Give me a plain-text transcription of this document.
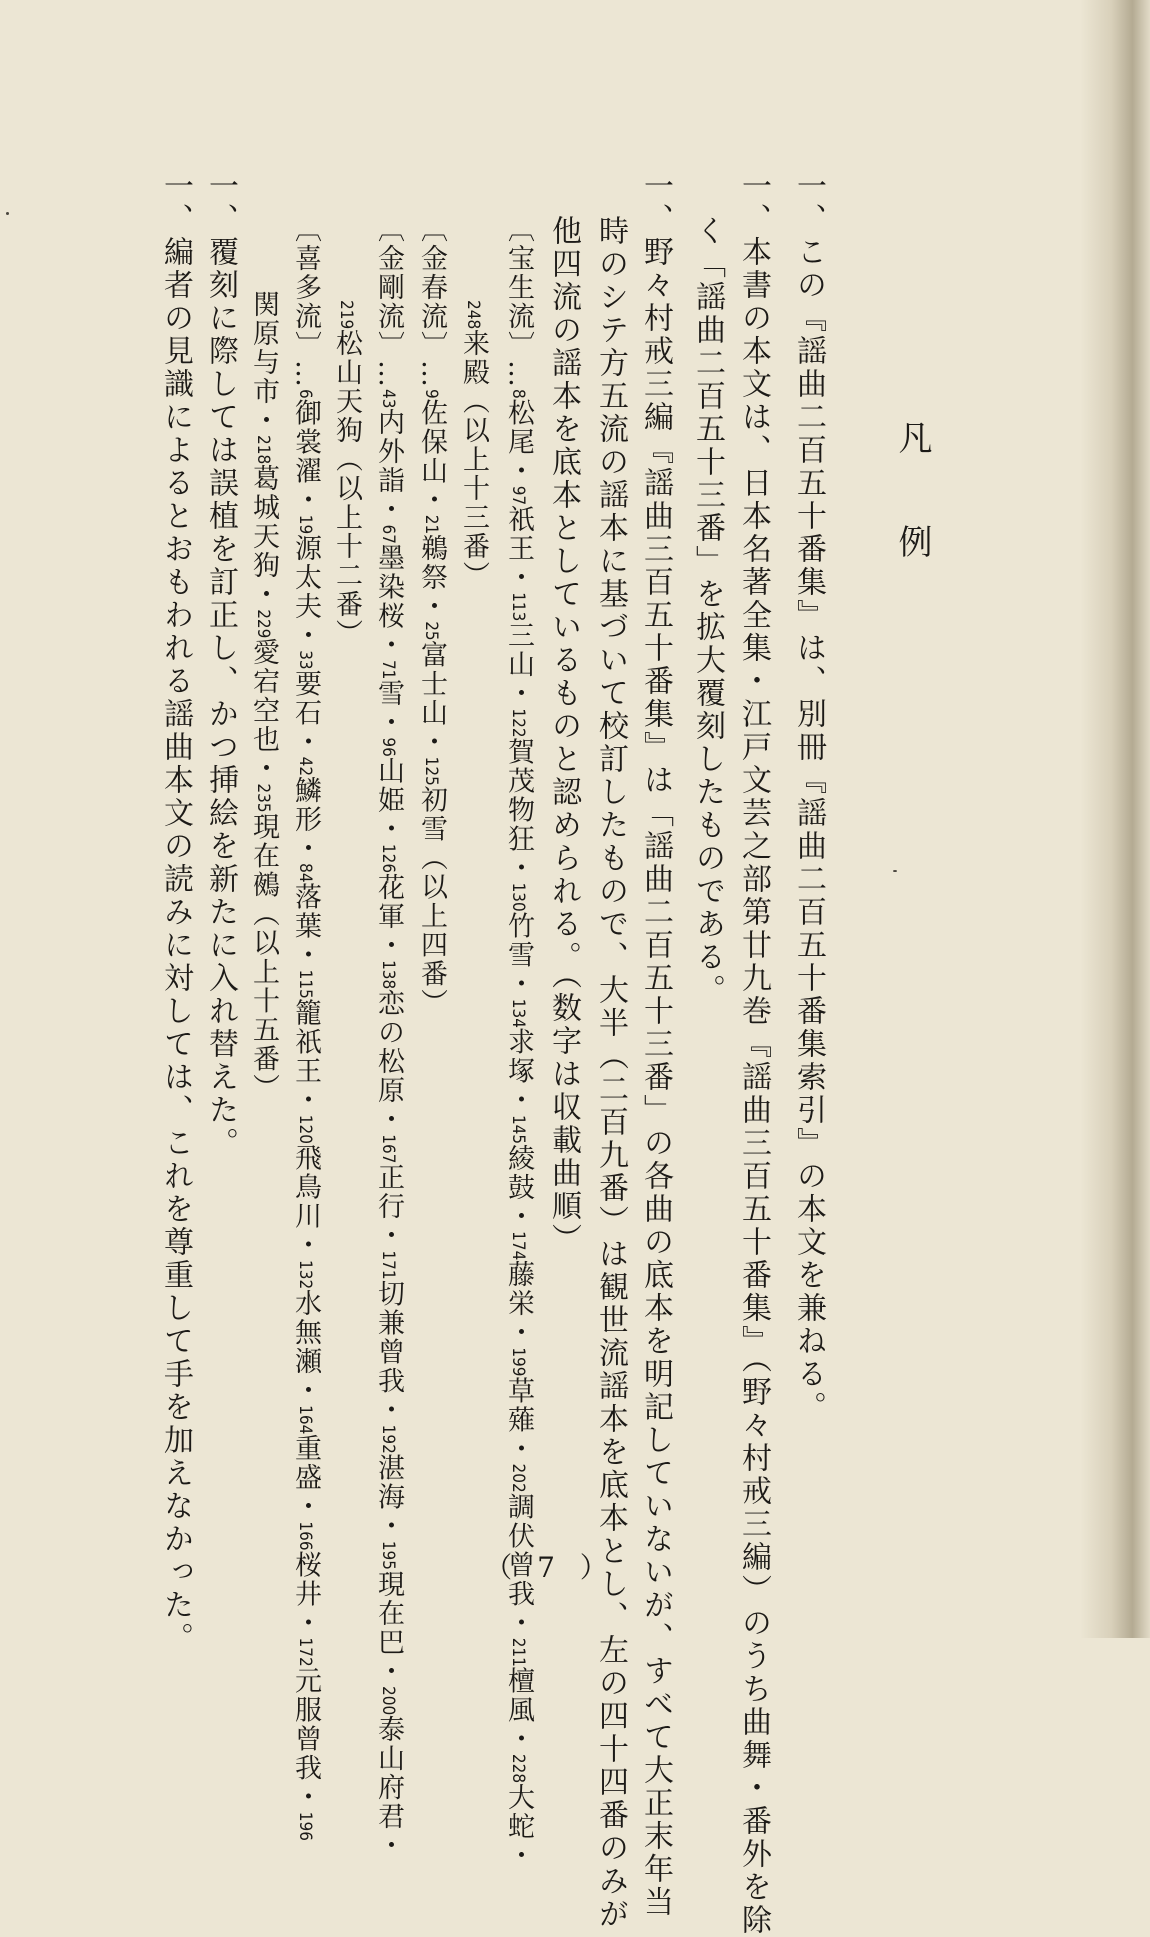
凡例

一、この『謡曲二百五十番集』は、別冊『謡曲二百五十番集索引』の本文を兼ねる。

一、本書の本文は、日本名著全集・江戸文芸之部第廿九巻『謡曲三百五十番集』（野々村戒三編）のうち曲舞・番外を除

く「謡曲二百五十三番」を拡大覆刻したものである。

一、野々村戒三編『謡曲三百五十番集』は「謡曲二百五十三番」の各曲の底本を明記していないが、すべて大正末年当

時のシテ方五流の謡本に基づいて校訂したもので、大半（二百九番）は観世流謡本を底本とし、左の四十四番のみが

他四流の謡本を底本としているものと認められる。（数字は収載曲順）

〔宝生流〕…8松尾・97祇王・113三山・122賀茂物狂・130竹雪・134求塚・145綾鼓・174藤栄・199草薙・202調伏曾我・211檀風・228大蛇・

248来殿（以上十三番）

〔金春流〕…9佐保山・21鵜祭・25富士山・125初雪（以上四番）

〔金剛流〕…43内外詣・67墨染桜・71雪・96山姫・126花軍・138恋の松原・167正行・171切兼曾我・192湛海・195現在巴・200泰山府君・

219松山天狗（以上十二番）

〔喜多流〕…6御裳濯・19源太夫・33要石・42鱗形・84落葉・115籠祇王・120飛鳥川・132水無瀬・164重盛・166桜井・172元服曾我・196

関原与市・218葛城天狗・229愛宕空也・235現在鵺（以上十五番）

一、覆刻に際しては誤植を訂正し、かつ挿絵を新たに入れ替えた。

一、編者の見識によるとおもわれる謡曲本文の読みに対しては、これを尊重して手を加えなかった。	（ 7 ）
